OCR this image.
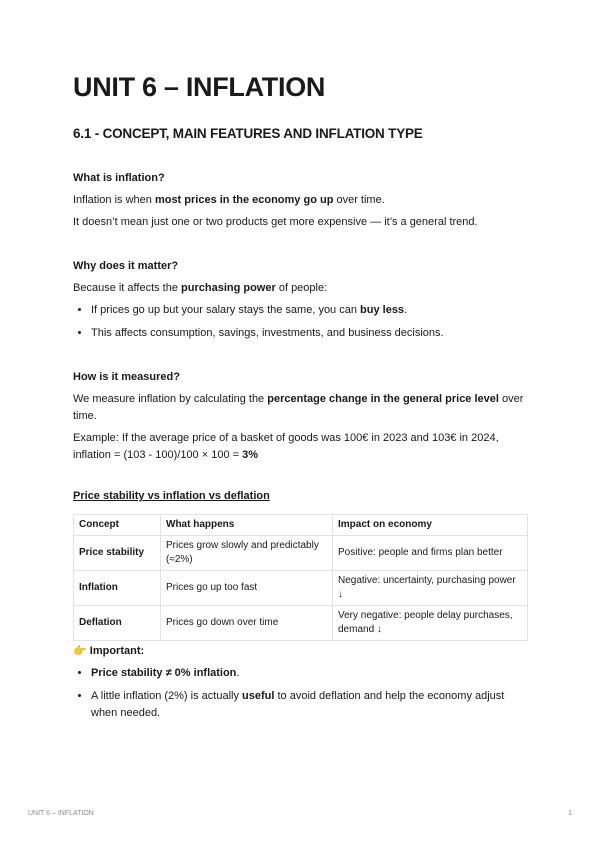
UNIT 6 – INFLATION
6.1 - CONCEPT, MAIN FEATURES AND INFLATION TYPE
What is inflation?

Inflation is when most prices in the economy go up over time.

It doesn’t mean just one or two products get more expensive — it’s a general trend.

Why does it matter?

Because it affects the purchasing power of people:

• If prices go up but your salary stays the same, you can buy less.
• This affects consumption, savings, investments, and business decisions.
How is it measured?

We measure inflation by calculating the percentage change in the general price level over time.

Example: If the average price of a basket of goods was 100€ in 2023 and 103€ in 2024, inflation = (103 - 100)/100 × 100 = 3%

Price stability vs inflation vs deflation
Concept	What happens	Impact on economy
Price stability	Prices grow slowly and predictably (≈2%)	Positive: people and firms plan better
Inflation	Prices go up too fast	Negative: uncertainty, purchasing power ↓
Deflation	Prices go down over time	Very negative: people delay purchases, demand ↓
👉 Important:
• Price stability ≠ 0% inflation.
• A little inflation (2%) is actually useful to avoid deflation and help the economy adjust when needed.
UNIT 6 – INFLATION	1
